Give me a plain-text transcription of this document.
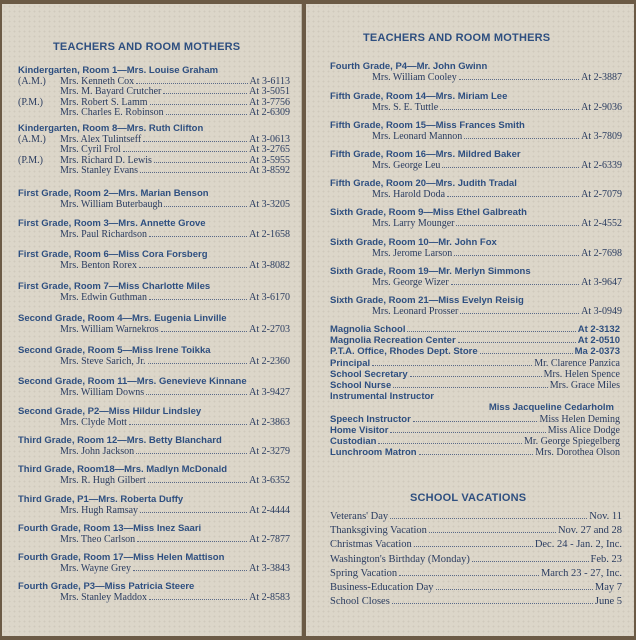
TEACHERS AND ROOM MOTHERS
Kindergarten, Room 1—Mrs. Louise Graham
(A.M.)	Mrs. Kenneth Cox	At 3-6113
Mrs. M. Bayard Crutcher	At 3-5051
(P.M.)	Mrs. Robert S. Lamm	At 3-7756
Mrs. Charles E. Robinson	At 2-6309
Kindergarten, Room 8—Mrs. Ruth Clifton
(A.M.)	Mrs. Alex Tulintseff	At 3-0613
Mrs. Cyril Frol	At 3-2765
(P.M.)	Mrs. Richard D. Lewis	At 3-5955
Mrs. Stanley Evans	At 3-8592
First Grade, Room 2—Mrs. Marian Benson
Mrs. William Buterbaugh	At 3-3205
First Grade, Room 3—Mrs. Annette Grove
Mrs. Paul Richardson	At 2-1658
First Grade, Room 6—Miss Cora Forsberg
Mrs. Benton Rorex	At 3-8082
First Grade, Room 7—Miss Charlotte Miles
Mrs. Edwin Guthman	At 3-6170
Second Grade, Room 4—Mrs. Eugenia Linville
Mrs. William Warnekros	At 2-2703
Second Grade, Room 5—Miss Irene Toikka
Mrs. Steve Sarich, Jr.	At 2-2360
Second Grade, Room 11—Mrs. Genevieve Kinnane
Mrs. William Downs	At 3-9427
Second Grade, P2—Miss Hildur Lindsley
Mrs. Clyde Mott	At 2-3863
Third Grade, Room 12—Mrs. Betty Blanchard
Mrs. John Jackson	At 2-3279
Third Grade, Room18—Mrs. Madlyn McDonald
Mrs. R. Hugh Gilbert	At 3-6352
Third Grade, P1—Mrs. Roberta Duffy
Mrs. Hugh Ramsay	At 2-4444
Fourth Grade, Room 13—Miss Inez Saari
Mrs. Theo Carlson	At 2-7877
Fourth Grade, Room 17—Miss Helen Mattison
Mrs. Wayne Grey	At 3-3843
Fourth Grade, P3—Miss Patricia Steere
Mrs. Stanley Maddox	At 2-8583
TEACHERS AND ROOM MOTHERS
Fourth Grade, P4—Mr. John Gwinn
Mrs. William Cooley	At 2-3887
Fifth Grade, Room 14—Mrs. Miriam Lee
Mrs. S. E. Tuttle	At 2-9036
Fifth Grade, Room 15—Miss Frances Smith
Mrs. Leonard Mannon	At 3-7809
Fifth Grade, Room 16—Mrs. Mildred Baker
Mrs. George Leu	At 2-6339
Fifth Grade, Room 20—Mrs. Judith Tradal
Mrs. Harold Doda	At 2-7079
Sixth Grade, Room 9—Miss Ethel Galbreath
Mrs. Larry Mounger	At 2-4552
Sixth Grade, Room 10—Mr. John Fox
Mrs. Jerome Larson	At 2-7698
Sixth Grade, Room 19—Mr. Merlyn Simmons
Mrs. George Wizer	At 3-9647
Sixth Grade, Room 21—Miss Evelyn Reisig
Mrs. Leonard Prosser	At 3-0949
Magnolia School	At 2-3132
Magnolia Recreation Center	At 2-0510
P.T.A. Office, Rhodes Dept. Store	Ma 2-0373
Principal	Mr. Clarence Panzica
School Secretary	Mrs. Helen Spence
School Nurse	Mrs. Grace Miles
Instrumental Instructor
Miss Jacqueline Cedarholm
Speech Instructor	Miss Helen Deming
Home Visitor	Miss Alice Dodge
Custodian	Mr. George Spiegelberg
Lunchroom Matron	Mrs. Dorothea Olson
SCHOOL VACATIONS
Veterans' Day	Nov. 11
Thanksgiving Vacation	Nov. 27 and 28
Christmas Vacation	Dec. 24 - Jan. 2, Inc.
Washington's Birthday (Monday)	Feb. 23
Spring Vacation	March 23 - 27, Inc.
Business-Education Day	May 7
School Closes	June 5
